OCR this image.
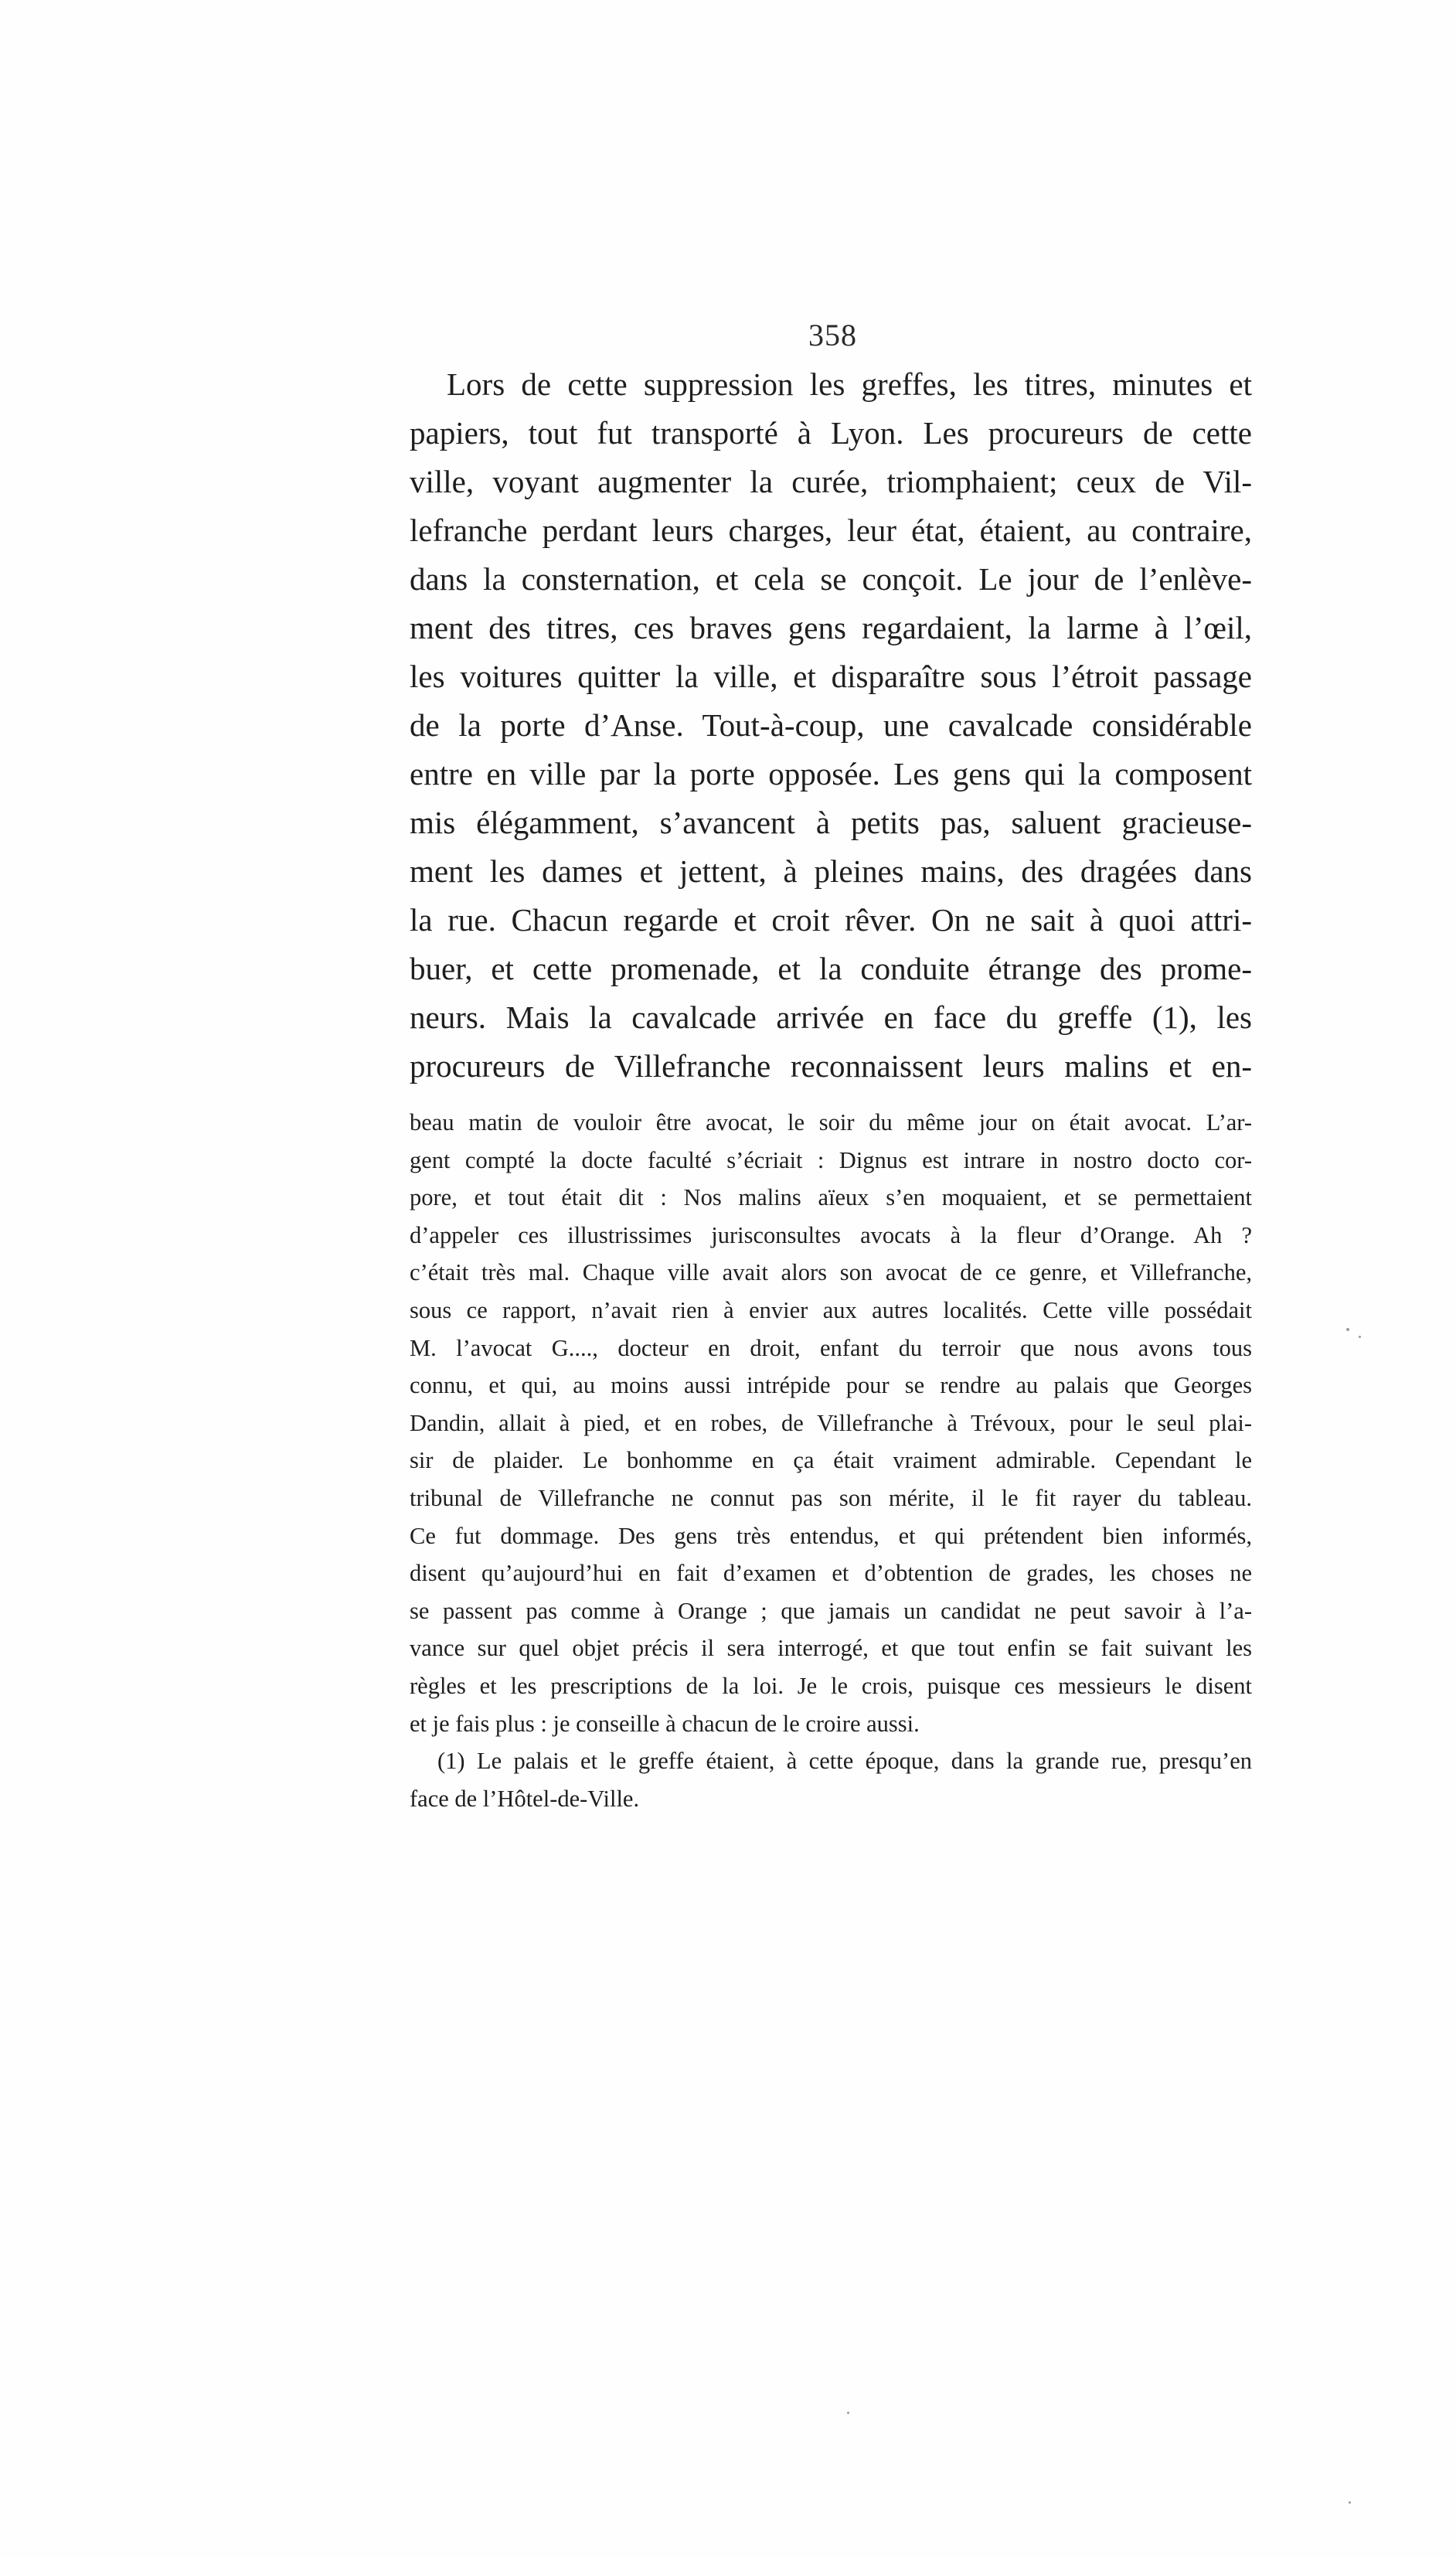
358
Lors de cette suppression les greffes, les titres, minutes et
papiers, tout fut transporté à Lyon. Les procureurs de cette
ville, voyant augmenter la curée, triomphaient; ceux de Vil-
lefranche perdant leurs charges, leur état, étaient, au contraire,
dans la consternation, et cela se conçoit. Le jour de l’enlève-
ment des titres, ces braves gens regardaient, la larme à l’œil,
les voitures quitter la ville, et disparaître sous l’étroit passage
de la porte d’Anse. Tout-à-coup, une cavalcade considérable
entre en ville par la porte opposée. Les gens qui la composent
mis élégamment, s’avancent à petits pas, saluent gracieuse-
ment les dames et jettent, à pleines mains, des dragées dans
la rue. Chacun regarde et croit rêver. On ne sait à quoi attri-
buer, et cette promenade, et la conduite étrange des prome-
neurs. Mais la cavalcade arrivée en face du greffe (1), les
procureurs de Villefranche reconnaissent leurs malins et en-
beau matin de vouloir être avocat, le soir du même jour on était avocat. L’ar-
gent compté la docte faculté s’écriait : Dignus est intrare in nostro docto cor-
pore, et tout était dit : Nos malins aïeux s’en moquaient, et se permettaient
d’appeler ces illustrissimes jurisconsultes avocats à la fleur d’Orange. Ah ?
c’était très mal. Chaque ville avait alors son avocat de ce genre, et Villefranche,
sous ce rapport, n’avait rien à envier aux autres localités. Cette ville possédait
M. l’avocat G...., docteur en droit, enfant du terroir que nous avons tous
connu, et qui, au moins aussi intrépide pour se rendre au palais que Georges
Dandin, allait à pied, et en robes, de Villefranche à Trévoux, pour le seul plai-
sir de plaider. Le bonhomme en ça était vraiment admirable. Cependant le
tribunal de Villefranche ne connut pas son mérite, il le fit rayer du tableau.
Ce fut dommage. Des gens très entendus, et qui prétendent bien informés,
disent qu’aujourd’hui en fait d’examen et d’obtention de grades, les choses ne
se passent pas comme à Orange ; que jamais un candidat ne peut savoir à l’a-
vance sur quel objet précis il sera interrogé, et que tout enfin se fait suivant les
règles et les prescriptions de la loi. Je le crois, puisque ces messieurs le disent
et je fais plus : je conseille à chacun de le croire aussi.
(1) Le palais et le greffe étaient, à cette époque, dans la grande rue, presqu’en
face de l’Hôtel-de-Ville.
